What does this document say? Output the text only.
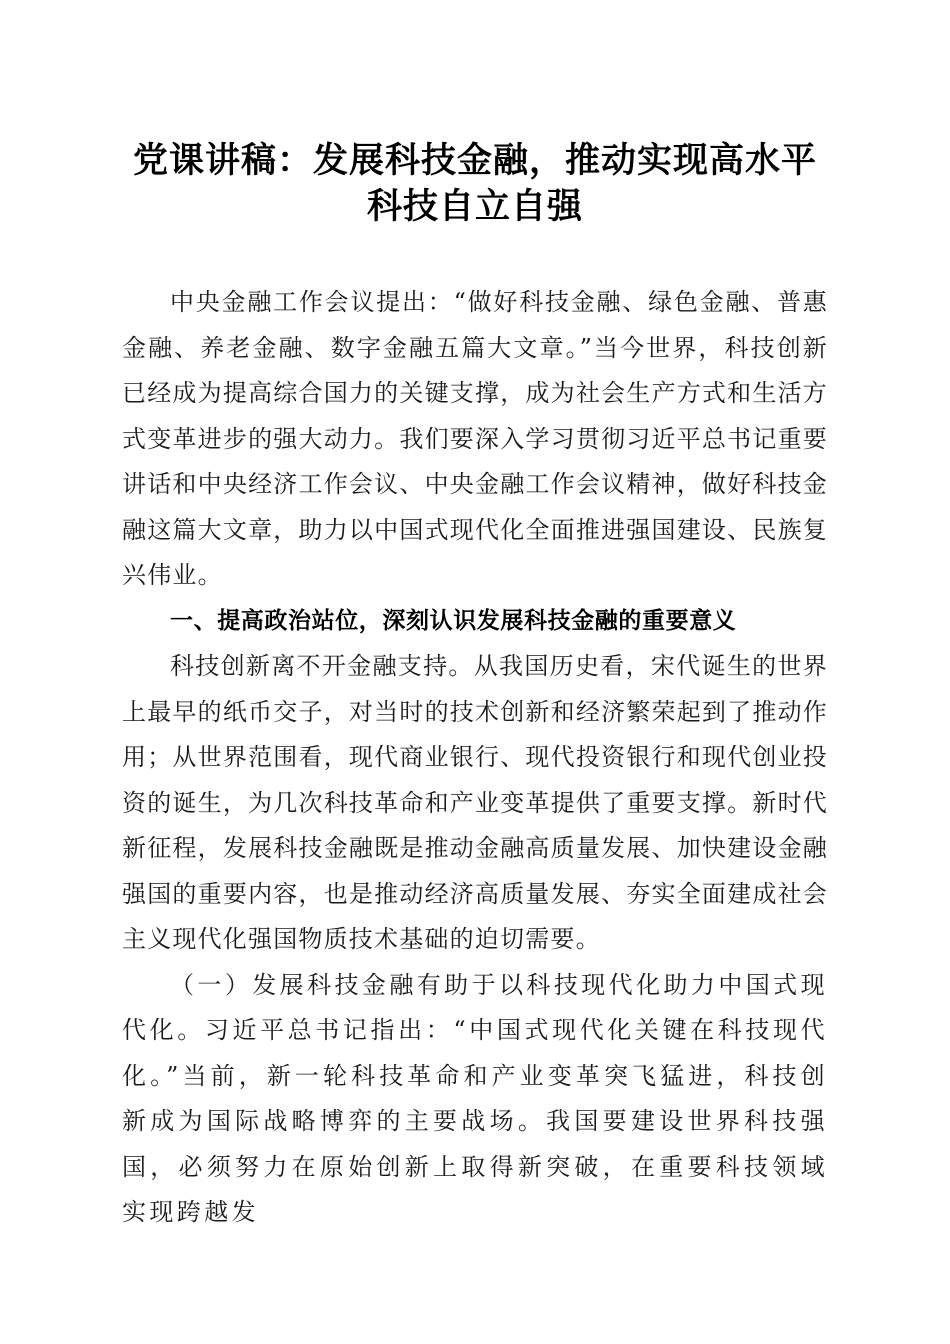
党课讲稿：发展科技金融，推动实现高水平科技自立自强

中央金融工作会议提出：“做好科技金融、绿色金融、普惠金融、养老金融、数字金融五篇大文章。”当今世界，科技创新已经成为提高综合国力的关键支撑，成为社会生产方式和生活方式变革进步的强大动力。我们要深入学习贯彻习近平总书记重要讲话和中央经济工作会议、中央金融工作会议精神，做好科技金融这篇大文章，助力以中国式现代化全面推进强国建设、民族复兴伟业。

一、提高政治站位，深刻认识发展科技金融的重要意义

科技创新离不开金融支持。从我国历史看，宋代诞生的世界上最早的纸币交子，对当时的技术创新和经济繁荣起到了推动作用；从世界范围看，现代商业银行、现代投资银行和现代创业投资的诞生，为几次科技革命和产业变革提供了重要支撑。新时代新征程，发展科技金融既是推动金融高质量发展、加快建设金融强国的重要内容，也是推动经济高质量发展、夯实全面建成社会主义现代化强国物质技术基础的迫切需要。

（一）发展科技金融有助于以科技现代化助力中国式现代化。习近平总书记指出：“中国式现代化关键在科技现代化。”当前，新一轮科技革命和产业变革突飞猛进，科技创新成为国际战略博弈的主要战场。我国要建设世界科技强国，必须努力在原始创新上取得新突破，在重要科技领域实现跨越发
